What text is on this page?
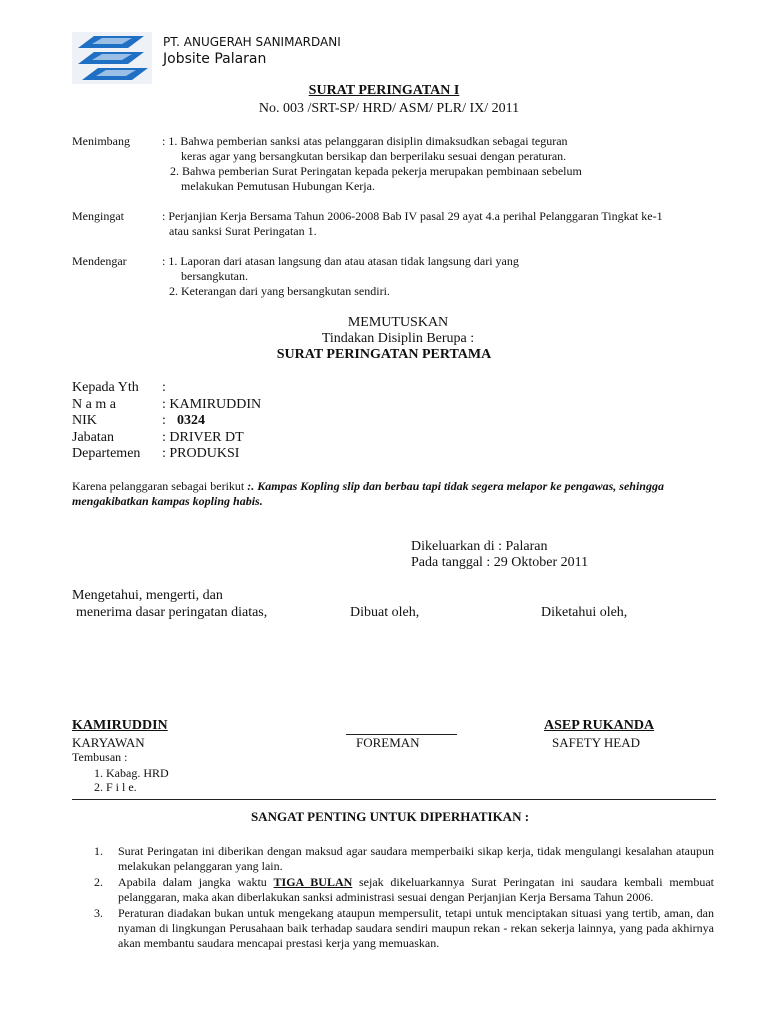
PT. ANUGERAH SANIMARDANI
Jobsite Palaran
SURAT PERINGATAN I
No. 003 /SRT-SP/ HRD/ ASM/ PLR/ IX/ 2011
Menimbang	: 1. Bahwa pemberian sanksi atas pelanggaran disiplin dimaksudkan sebagai teguran
keras agar yang bersangkutan bersikap dan berperilaku sesuai dengan peraturan.
2. Bahwa pemberian Surat Peringatan kepada pekerja merupakan pembinaan sebelum
melakukan Pemutusan Hubungan Kerja.
Mengingat	: Perjanjian Kerja Bersama Tahun 2006-2008 Bab IV pasal 29 ayat 4.a perihal Pelanggaran Tingkat ke-1
atau sanksi Surat Peringatan 1.
Mendengar	: 1. Laporan dari atasan langsung dan atau atasan tidak langsung dari yang
bersangkutan.
2. Keterangan dari yang bersangkutan sendiri.
MEMUTUSKAN
Tindakan Disiplin Berupa :
SURAT PERINGATAN PERTAMA
Kepada Yth :
N a m a	: KAMIRUDDIN
NIK	: 0324
Jabatan	: DRIVER DT
Departemen : PRODUKSI
Karena pelanggaran sebagai berikut :. Kampas Kopling slip dan berbau tapi tidak segera melapor ke pengawas, sehingga
mengakibatkan kampas kopling habis.
Dikeluarkan di : Palaran
Pada tanggal : 29 Oktober 2011
Mengetahui, mengerti, dan
menerima dasar peringatan diatas,	Dibuat oleh,	Diketahui oleh,
KAMIRUDDIN	ASEP RUKANDA
KARYAWAN	FOREMAN	SAFETY HEAD
Tembusan :
1. Kabag. HRD
2. F i l e.
SANGAT PENTING UNTUK DIPERHATIKAN :
1. Surat Peringatan ini diberikan dengan maksud agar saudara memperbaiki sikap kerja, tidak mengulangi kesalahan ataupun melakukan pelanggaran yang lain.
2. Apabila dalam jangka waktu TIGA BULAN sejak dikeluarkannya Surat Peringatan ini saudara kembali membuat pelanggaran, maka akan diberlakukan sanksi administrasi sesuai dengan Perjanjian Kerja Bersama Tahun 2006.
3. Peraturan diadakan bukan untuk mengekang ataupun mempersulit, tetapi untuk menciptakan situasi yang tertib, aman, dan nyaman di lingkungan Perusahaan baik terhadap saudara sendiri maupun rekan - rekan sekerja lainnya, yang pada akhirnya akan membantu saudara mencapai prestasi kerja yang memuaskan.
